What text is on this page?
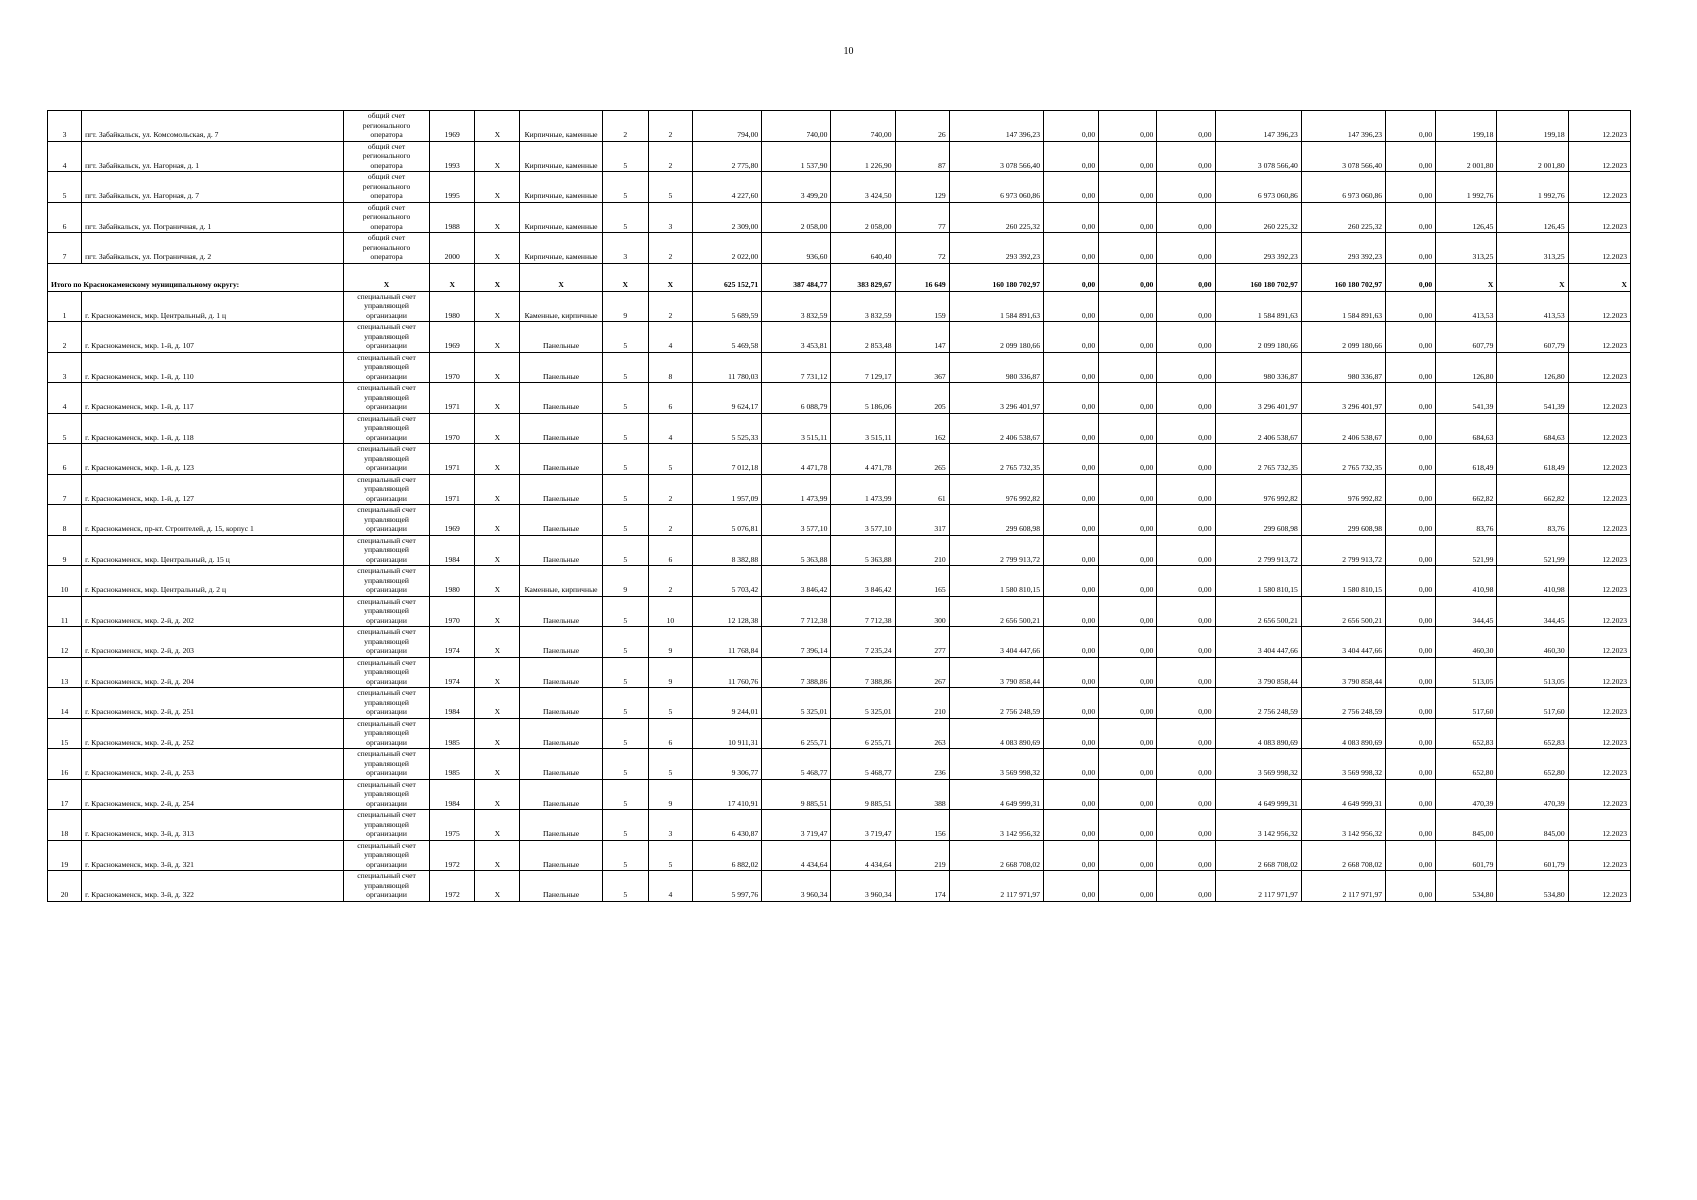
10
3	пгт. Забайкальск, ул. Комсомольская, д. 7	общий счет регионального оператора	1969	Х	Кирпичные, каменные	2	2	794,00	740,00	740,00	26	147 396,23	0,00	0,00	0,00	147 396,23	147 396,23	0,00	199,18	199,18	12.2023
4	пгт. Забайкальск, ул. Нагорная, д. 1	общий счет регионального оператора	1993	Х	Кирпичные, каменные	5	2	2 775,80	1 537,90	1 226,90	87	3 078 566,40	0,00	0,00	0,00	3 078 566,40	3 078 566,40	0,00	2 001,80	2 001,80	12.2023
5	пгт. Забайкальск, ул. Нагорная, д. 7	общий счет регионального оператора	1995	Х	Кирпичные, каменные	5	5	4 227,60	3 499,20	3 424,50	129	6 973 060,86	0,00	0,00	0,00	6 973 060,86	6 973 060,86	0,00	1 992,76	1 992,76	12.2023
6	пгт. Забайкальск, ул. Пограничная, д. 1	общий счет регионального оператора	1988	Х	Кирпичные, каменные	5	3	2 309,00	2 058,00	2 058,00	77	260 225,32	0,00	0,00	0,00	260 225,32	260 225,32	0,00	126,45	126,45	12.2023
7	пгт. Забайкальск, ул. Пограничная, д. 2	общий счет регионального оператора	2000	Х	Кирпичные, каменные	3	2	2 022,00	936,60	640,40	72	293 392,23	0,00	0,00	0,00	293 392,23	293 392,23	0,00	313,25	313,25	12.2023
Итого по Краснокаменскому муниципальному округу:		Х	Х	Х	Х	Х	Х	625 152,71	387 484,77	383 829,67	16 649	160 180 702,97	0,00	0,00	0,00	160 180 702,97	160 180 702,97	0,00	Х	Х	Х
1	г. Краснокаменск, мкр. Центральный, д. 1 ц	специальный счет управляющей организации	1980	Х	Каменные, кирпичные	9	2	5 689,59	3 832,59	3 832,59	159	1 584 891,63	0,00	0,00	0,00	1 584 891,63	1 584 891,63	0,00	413,53	413,53	12.2023
2	г. Краснокаменск, мкр. 1-й, д. 107	специальный счет управляющей организации	1969	Х	Панельные	5	4	5 469,58	3 453,81	2 853,48	147	2 099 180,66	0,00	0,00	0,00	2 099 180,66	2 099 180,66	0,00	607,79	607,79	12.2023
3	г. Краснокаменск, мкр. 1-й, д. 110	специальный счет управляющей организации	1970	Х	Панельные	5	8	11 780,03	7 731,12	7 129,17	367	980 336,87	0,00	0,00	0,00	980 336,87	980 336,87	0,00	126,80	126,80	12.2023
4	г. Краснокаменск, мкр. 1-й, д. 117	специальный счет управляющей организации	1971	Х	Панельные	5	6	9 624,17	6 088,79	5 186,06	205	3 296 401,97	0,00	0,00	0,00	3 296 401,97	3 296 401,97	0,00	541,39	541,39	12.2023
5	г. Краснокаменск, мкр. 1-й, д. 118	специальный счет управляющей организации	1970	Х	Панельные	5	4	5 525,33	3 515,11	3 515,11	162	2 406 538,67	0,00	0,00	0,00	2 406 538,67	2 406 538,67	0,00	684,63	684,63	12.2023
6	г. Краснокаменск, мкр. 1-й, д. 123	специальный счет управляющей организации	1971	Х	Панельные	5	5	7 012,18	4 471,78	4 471,78	265	2 765 732,35	0,00	0,00	0,00	2 765 732,35	2 765 732,35	0,00	618,49	618,49	12.2023
7	г. Краснокаменск, мкр. 1-й, д. 127	специальный счет управляющей организации	1971	Х	Панельные	5	2	1 957,09	1 473,99	1 473,99	61	976 992,82	0,00	0,00	0,00	976 992,82	976 992,82	0,00	662,82	662,82	12.2023
8	г. Краснокаменск, пр-кт. Строителей, д. 15, корпус 1	специальный счет управляющей организации	1969	Х	Панельные	5	2	5 076,81	3 577,10	3 577,10	317	299 608,98	0,00	0,00	0,00	299 608,98	299 608,98	0,00	83,76	83,76	12.2023
9	г. Краснокаменск, мкр. Центральный, д. 15 ц	специальный счет управляющей организации	1984	Х	Панельные	5	6	8 382,88	5 363,88	5 363,88	210	2 799 913,72	0,00	0,00	0,00	2 799 913,72	2 799 913,72	0,00	521,99	521,99	12.2023
10	г. Краснокаменск, мкр. Центральный, д. 2 ц	специальный счет управляющей организации	1980	Х	Каменные, кирпичные	9	2	5 703,42	3 846,42	3 846,42	165	1 580 810,15	0,00	0,00	0,00	1 580 810,15	1 580 810,15	0,00	410,98	410,98	12.2023
11	г. Краснокаменск, мкр. 2-й, д. 202	специальный счет управляющей организации	1970	Х	Панельные	5	10	12 128,38	7 712,38	7 712,38	300	2 656 500,21	0,00	0,00	0,00	2 656 500,21	2 656 500,21	0,00	344,45	344,45	12.2023
12	г. Краснокаменск, мкр. 2-й, д. 203	специальный счет управляющей организации	1974	Х	Панельные	5	9	11 768,84	7 396,14	7 235,24	277	3 404 447,66	0,00	0,00	0,00	3 404 447,66	3 404 447,66	0,00	460,30	460,30	12.2023
13	г. Краснокаменск, мкр. 2-й, д. 204	специальный счет управляющей организации	1974	Х	Панельные	5	9	11 760,76	7 388,86	7 388,86	267	3 790 858,44	0,00	0,00	0,00	3 790 858,44	3 790 858,44	0,00	513,05	513,05	12.2023
14	г. Краснокаменск, мкр. 2-й, д. 251	специальный счет управляющей организации	1984	Х	Панельные	5	5	9 244,01	5 325,01	5 325,01	210	2 756 248,59	0,00	0,00	0,00	2 756 248,59	2 756 248,59	0,00	517,60	517,60	12.2023
15	г. Краснокаменск, мкр. 2-й, д. 252	специальный счет управляющей организации	1985	Х	Панельные	5	6	10 911,31	6 255,71	6 255,71	263	4 083 890,69	0,00	0,00	0,00	4 083 890,69	4 083 890,69	0,00	652,83	652,83	12.2023
16	г. Краснокаменск, мкр. 2-й, д. 253	специальный счет управляющей организации	1985	Х	Панельные	5	5	9 306,77	5 468,77	5 468,77	236	3 569 998,32	0,00	0,00	0,00	3 569 998,32	3 569 998,32	0,00	652,80	652,80	12.2023
17	г. Краснокаменск, мкр. 2-й, д. 254	специальный счет управляющей организации	1984	Х	Панельные	5	9	17 410,91	9 885,51	9 885,51	388	4 649 999,31	0,00	0,00	0,00	4 649 999,31	4 649 999,31	0,00	470,39	470,39	12.2023
18	г. Краснокаменск, мкр. 3-й, д. 313	специальный счет управляющей организации	1975	Х	Панельные	5	3	6 430,87	3 719,47	3 719,47	156	3 142 956,32	0,00	0,00	0,00	3 142 956,32	3 142 956,32	0,00	845,00	845,00	12.2023
19	г. Краснокаменск, мкр. 3-й, д. 321	специальный счет управляющей организации	1972	Х	Панельные	5	5	6 882,02	4 434,64	4 434,64	219	2 668 708,02	0,00	0,00	0,00	2 668 708,02	2 668 708,02	0,00	601,79	601,79	12.2023
20	г. Краснокаменск, мкр. 3-й, д. 322	специальный счет управляющей организации	1972	Х	Панельные	5	4	5 997,76	3 960,34	3 960,34	174	2 117 971,97	0,00	0,00	0,00	2 117 971,97	2 117 971,97	0,00	534,80	534,80	12.2023
